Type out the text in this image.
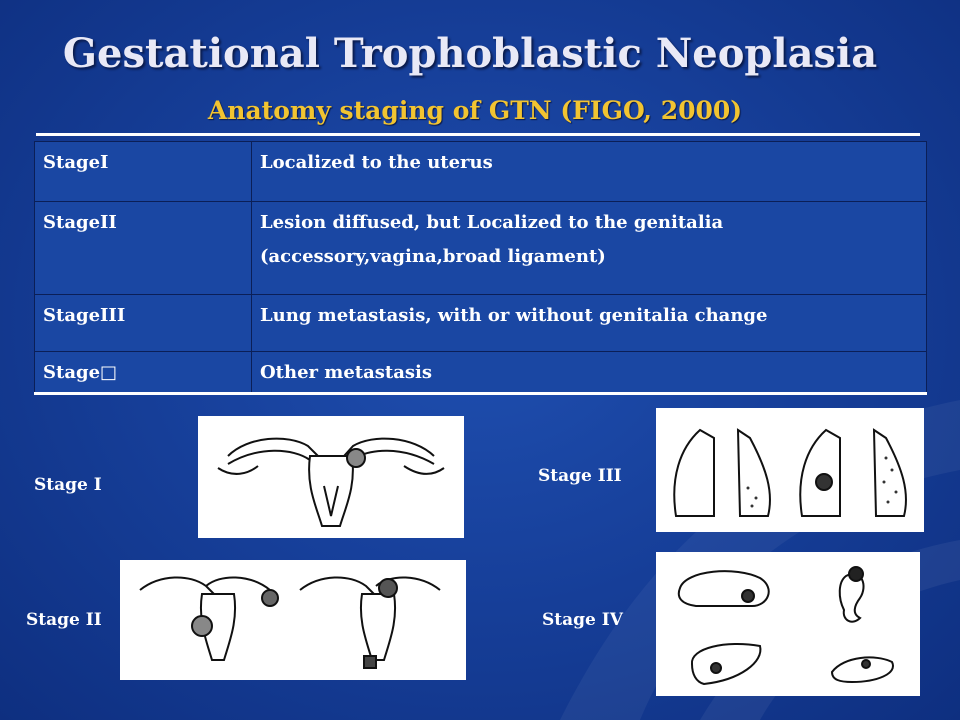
Gestational Trophoblastic Neoplasia
Anatomy staging of GTN (FIGO, 2000)
StageI	Localized to the uterus

StageII	Lesion diffused, but Localized to the genitalia
(accessory,vagina,broad ligament)

StageIII	Lung metastasis, with or without genitalia change

Stage□	Other metastasis
Stage I
Stage II
Stage III
Stage IV
